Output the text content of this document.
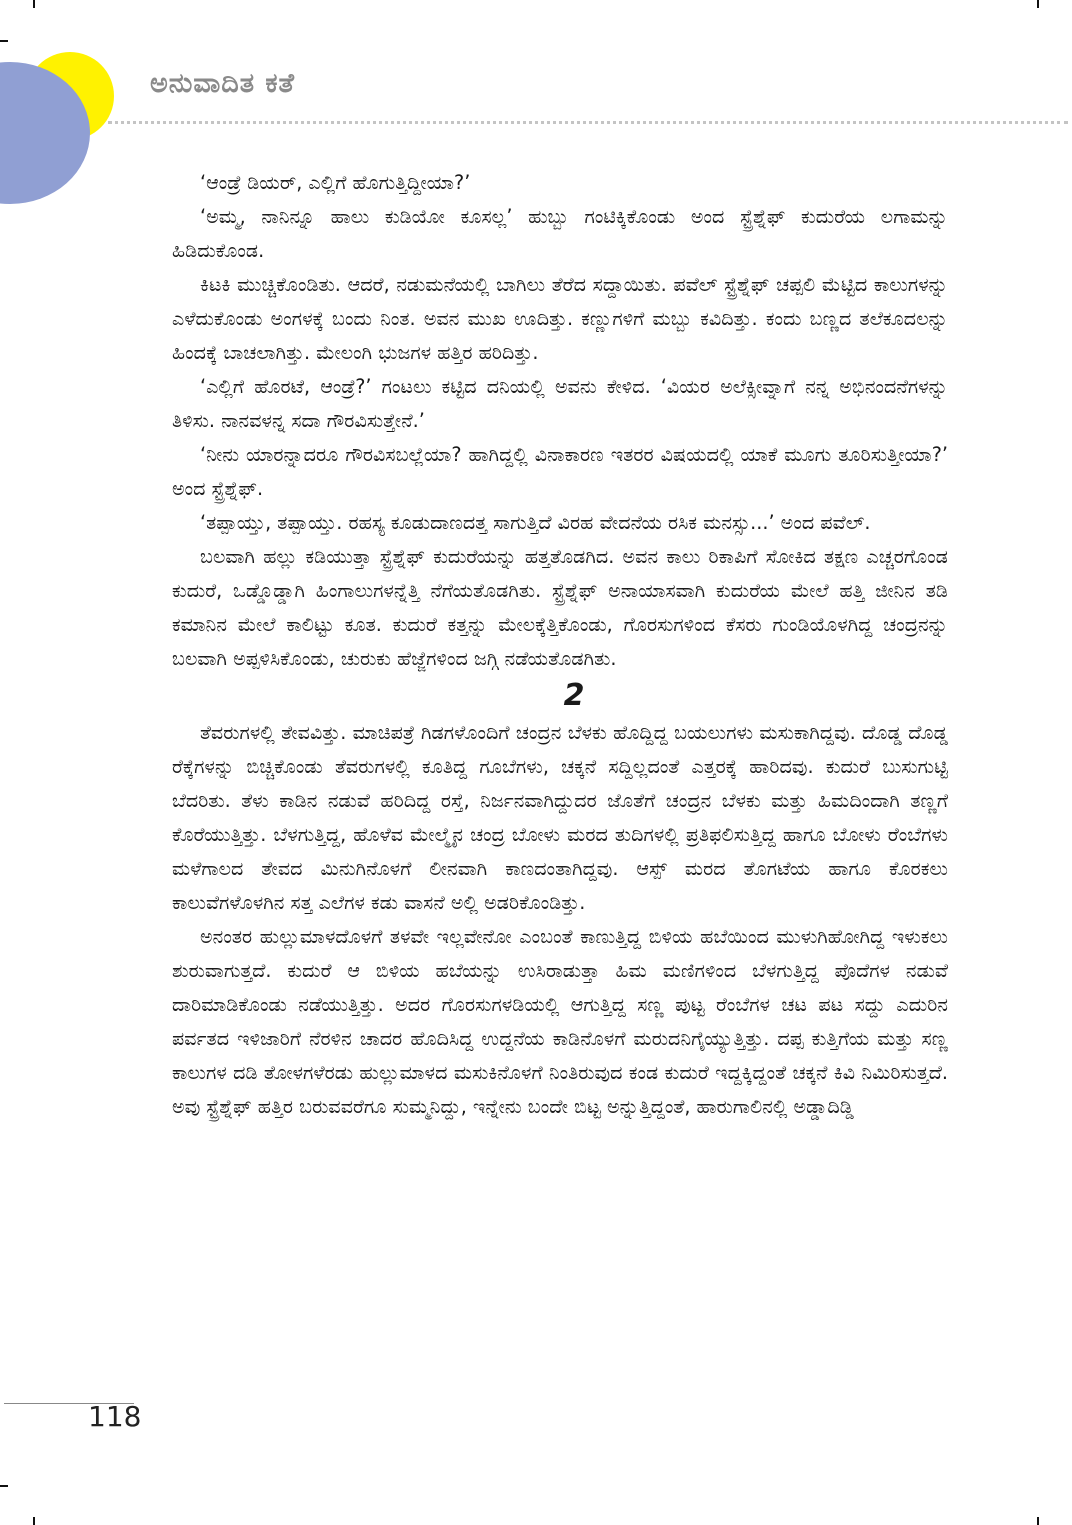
ಅನುವಾದಿತ ಕತೆ

‘ಆಂಡ್ರೆ ಡಿಯರ್, ಎಲ್ಲಿಗೆ ಹೊಗುತ್ತಿದ್ದೀಯಾ?’

‘ಅಮ್ಮ, ನಾನಿನ್ನೂ ಹಾಲು ಕುಡಿಯೋ ಕೂಸಲ್ಲ’ ಹುಬ್ಬು ಗಂಟಿಕ್ಕಿಕೊಂಡು ಅಂದ ಸ್ಟ್ರೆಶ್ನೆಫ್ ಕುದುರೆಯ ಲಗಾಮನ್ನು ಹಿಡಿದುಕೊಂಡ.

ಕಿಟಕಿ ಮುಚ್ಚಿಕೊಂಡಿತು. ಆದರೆ, ನಡುಮನೆಯಲ್ಲಿ ಬಾಗಿಲು ತೆರೆದ ಸದ್ದಾಯಿತು. ಪವೆಲ್ ಸ್ಟ್ರೆಶ್ನೆಫ್ ಚಪ್ಪಲಿ ಮೆಟ್ಟಿದ ಕಾಲುಗಳನ್ನು ಎಳೆದುಕೊಂಡು ಅಂಗಳಕ್ಕೆ ಬಂದು ನಿಂತ. ಅವನ ಮುಖ ಊದಿತ್ತು. ಕಣ್ಣುಗಳಿಗೆ ಮಬ್ಬು ಕವಿದಿತ್ತು. ಕಂದು ಬಣ್ಣದ ತಲೆಕೂದಲನ್ನು ಹಿಂದಕ್ಕೆ ಬಾಚಲಾಗಿತ್ತು. ಮೇಲಂಗಿ ಭುಜಗಳ ಹತ್ತಿರ ಹರಿದಿತ್ತು.

‘ಎಲ್ಲಿಗೆ ಹೊರಟೆ, ಆಂಡ್ರೆ?’ ಗಂಟಲು ಕಟ್ಟಿದ ದನಿಯಲ್ಲಿ ಅವನು ಕೇಳಿದ. ‘ವಿಯರ ಅಲೆಕ್ಸೀವ್ನಾಗೆ ನನ್ನ ಅಭಿನಂದನೆಗಳನ್ನು ತಿಳಿಸು. ನಾನವಳನ್ನ ಸದಾ ಗೌರವಿಸುತ್ತೇನೆ.’

‘ನೀನು ಯಾರನ್ನಾದರೂ ಗೌರವಿಸಬಲ್ಲೆಯಾ? ಹಾಗಿದ್ದಲ್ಲಿ ವಿನಾಕಾರಣ ಇತರರ ವಿಷಯದಲ್ಲಿ ಯಾಕೆ ಮೂಗು ತೂರಿಸುತ್ತೀಯಾ?’ ಅಂದ ಸ್ಟ್ರೆಶ್ನೆಫ್.

‘ತಪ್ಪಾಯ್ತು, ತಪ್ಪಾಯ್ತು. ರಹಸ್ಯ ಕೂಡುದಾಣದತ್ತ ಸಾಗುತ್ತಿದೆ ವಿರಹ ವೇದನೆಯ ರಸಿಕ ಮನಸ್ಸು...’ ಅಂದ ಪವೆಲ್.

ಬಲವಾಗಿ ಹಲ್ಲು ಕಡಿಯುತ್ತಾ ಸ್ಟ್ರೆಶ್ನೆಫ್ ಕುದುರೆಯನ್ನು ಹತ್ತತೊಡಗಿದ. ಅವನ ಕಾಲು ರಿಕಾಪಿಗೆ ಸೋಕಿದ ತಕ್ಷಣ ಎಚ್ಚರಗೊಂಡ ಕುದುರೆ, ಒಡ್ಡೊಡ್ಡಾಗಿ ಹಿಂಗಾಲುಗಳನ್ನೆತ್ತಿ ನೆಗೆಯತೊಡಗಿತು. ಸ್ಟ್ರೆಶ್ನೆಫ್ ಅನಾಯಾಸವಾಗಿ ಕುದುರೆಯ ಮೇಲೆ ಹತ್ತಿ ಜೀನಿನ ತಡಿ ಕಮಾನಿನ ಮೇಲೆ ಕಾಲಿಟ್ಟು ಕೂತ. ಕುದುರೆ ಕತ್ತನ್ನು ಮೇಲಕ್ಕೆತ್ತಿಕೊಂಡು, ಗೊರಸುಗಳಿಂದ ಕೆಸರು ಗುಂಡಿಯೊಳಗಿದ್ದ ಚಂದ್ರನನ್ನು ಬಲವಾಗಿ ಅಪ್ಪಳಿಸಿಕೊಂಡು, ಚುರುಕು ಹೆಜ್ಜೆಗಳಿಂದ ಜಗ್ಗಿ ನಡೆಯತೊಡಗಿತು.

2

ತೆವರುಗಳಲ್ಲಿ ತೇವವಿತ್ತು. ಮಾಚಿಪತ್ರೆ ಗಿಡಗಳೊಂದಿಗೆ ಚಂದ್ರನ ಬೆಳಕು ಹೊದ್ದಿದ್ದ ಬಯಲುಗಳು ಮಸುಕಾಗಿದ್ದವು. ದೊಡ್ಡ ದೊಡ್ಡ ರೆಕ್ಕೆಗಳನ್ನು ಬಿಚ್ಚಿಕೊಂಡು ತೆವರುಗಳಲ್ಲಿ ಕೂತಿದ್ದ ಗೂಬೆಗಳು, ಚಕ್ಕನೆ ಸದ್ದಿಲ್ಲದಂತೆ ಎತ್ತರಕ್ಕೆ ಹಾರಿದವು. ಕುದುರೆ ಬುಸುಗುಟ್ಟಿ ಬೆದರಿತು. ತೆಳು ಕಾಡಿನ ನಡುವೆ ಹರಿದಿದ್ದ ರಸ್ತೆ, ನಿರ್ಜನವಾಗಿದ್ದುದರ ಜೊತೆಗೆ ಚಂದ್ರನ ಬೆಳಕು ಮತ್ತು ಹಿಮದಿಂದಾಗಿ ತಣ್ಣಗೆ ಕೊರೆಯುತ್ತಿತ್ತು. ಬೆಳಗುತ್ತಿದ್ದ, ಹೊಳೆವ ಮೇಲ್ಮೈನ ಚಂದ್ರ ಬೋಳು ಮರದ ತುದಿಗಳಲ್ಲಿ ಪ್ರತಿಫಲಿಸುತ್ತಿದ್ದ ಹಾಗೂ ಬೋಳು ರೆಂಬೆಗಳು ಮಳೆಗಾಲದ ತೇವದ ಮಿನುಗಿನೊಳಗೆ ಲೀನವಾಗಿ ಕಾಣದಂತಾಗಿದ್ದವು. ಆಸ್ಪ್ ಮರದ ತೊಗಟೆಯ ಹಾಗೂ ಕೊರಕಲು ಕಾಲುವೆಗಳೊಳಗಿನ ಸತ್ತ ಎಲೆಗಳ ಕಡು ವಾಸನೆ ಅಲ್ಲಿ ಅಡರಿಕೊಂಡಿತ್ತು.

ಅನಂತರ ಹುಲ್ಲುಮಾಳದೊಳಗೆ ತಳವೇ ಇಲ್ಲವೇನೋ ಎಂಬಂತೆ ಕಾಣುತ್ತಿದ್ದ ಬಿಳಿಯ ಹಬೆಯಿಂದ ಮುಳುಗಿಹೋಗಿದ್ದ ಇಳುಕಲು ಶುರುವಾಗುತ್ತದೆ. ಕುದುರೆ ಆ ಬಿಳಿಯ ಹಬೆಯನ್ನು ಉಸಿರಾಡುತ್ತಾ ಹಿಮ ಮಣಿಗಳಿಂದ ಬೆಳಗುತ್ತಿದ್ದ ಪೊದೆಗಳ ನಡುವೆ ದಾರಿಮಾಡಿಕೊಂಡು ನಡೆಯುತ್ತಿತ್ತು. ಅದರ ಗೊರಸುಗಳಡಿಯಲ್ಲಿ ಆಗುತ್ತಿದ್ದ ಸಣ್ಣ ಪುಟ್ಟ ರೆಂಬೆಗಳ ಚಟ ಪಟ ಸದ್ದು ಎದುರಿನ ಪರ್ವತದ ಇಳಿಜಾರಿಗೆ ನೆರಳಿನ ಚಾದರ ಹೊದಿಸಿದ್ದ ಉದ್ದನೆಯ ಕಾಡಿನೊಳಗೆ ಮರುದನಿಗೈಯ್ಯುತ್ತಿತ್ತು. ದಪ್ಪ ಕುತ್ತಿಗೆಯ ಮತ್ತು ಸಣ್ಣ ಕಾಲುಗಳ ದಡಿ ತೋಳಗಳೆರಡು ಹುಲ್ಲುಮಾಳದ ಮಸುಕಿನೊಳಗೆ ನಿಂತಿರುವುದ ಕಂಡ ಕುದುರೆ ಇದ್ದಕ್ಕಿದ್ದಂತೆ ಚಕ್ಕನೆ ಕಿವಿ ನಿಮಿರಿಸುತ್ತದೆ. ಅವು ಸ್ಟ್ರೆಶ್ನೆಫ್ ಹತ್ತಿರ ಬರುವವರೆಗೂ ಸುಮ್ಮನಿದ್ದು, ಇನ್ನೇನು ಬಂದೇ ಬಿಟ್ಟ ಅನ್ನುತ್ತಿದ್ದಂತೆ, ಹಾರುಗಾಲಿನಲ್ಲಿ ಅಡ್ಡಾದಿಡ್ಡಿ

118
